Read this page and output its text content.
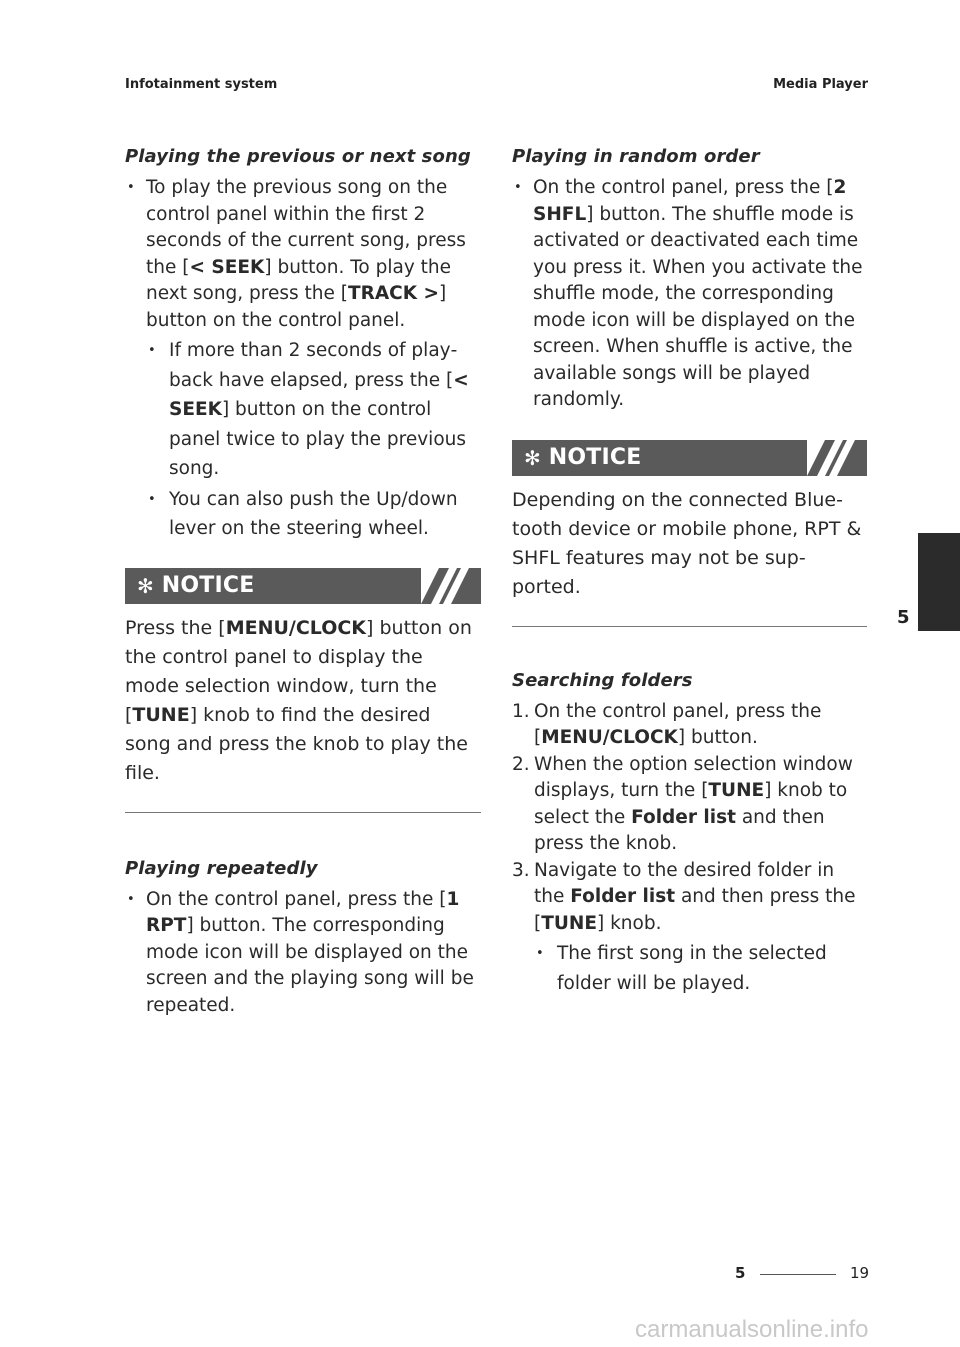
Infotainment system	Media Player
Playing the previous or next song
• To play the previous song on the control panel within the first 2 seconds of the current song, press the [< SEEK] button. To play the next song, press the [TRACK >] button on the control panel.
• If more than 2 seconds of playback have elapsed, press the [< SEEK] button on the control panel twice to play the previous song.
• You can also push the Up/down lever on the steering wheel.
✻ NOTICE

Press the [MENU/CLOCK] button on the control panel to display the mode selection window, turn the [TUNE] knob to find the desired song and press the knob to play the file.

Playing repeatedly
• On the control panel, press the [1 RPT] button. The corresponding mode icon will be displayed on the screen and the playing song will be repeated.
Playing in random order
• On the control panel, press the [2 SHFL] button. The shuffle mode is activated or deactivated each time you press it. When you activate the shuffle mode, the corresponding mode icon will be displayed on the screen. When shuffle is active, the available songs will be played randomly.
✻ NOTICE

Depending on the connected Bluetooth device or mobile phone, RPT & SHFL features may not be supported.

Searching folders
1. On the control panel, press the [MENU/CLOCK] button.
2. When the option selection window displays, turn the [TUNE] knob to select the Folder list and then press the knob.
3. Navigate to the desired folder in the Folder list and then press the [TUNE] knob.
• The first song in the selected folder will be played.
5
5	19
carmanualsonline.info
